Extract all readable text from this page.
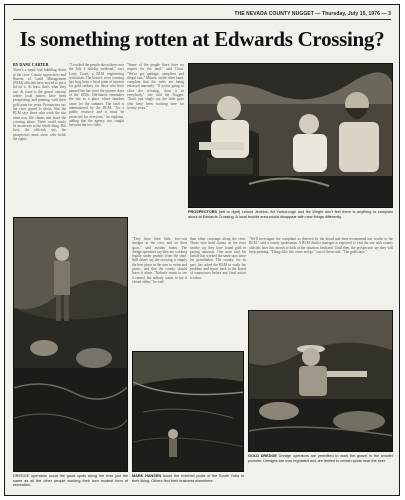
THE NEVADA COUNTY NUGGET — Thursday, July 15, 1976 — 3
Is something rotten at Edwards Crossing?
BY DANE CARTER
There's a small foul bubbling down at the river. County supervisors and Bureau of Land Management (BLM) officials have vowed to put a lid on it. At least, that's what they say. At issue is the gravel outcrop where local miners have been prospecting and panning with their gold pans for years. Prospectors say the river gravel is theirs. But the BLM says those who work the site must now file claims and leave the crossing alone. There could easily be an answer to the whole thing. But first, the officials say, the prospectors must show who holds the rights.
"I cracked the people down there over the July 4 holiday weekend," says Larry Coast, a BLM engineering technician. The historic river crossing has long been a local point of interest for gold seekers, for those who have panned the bar since the pioneer days of the 1850s. Old-timers remember the site as a place where families came for the summer. The land is administered by the BLM. "It's a public resource and it must be protected for everyone," he explains, adding that the agency was caught between the two sides.
"Some of the people there have no respect for the land," said Coast. "We've got garbage, campfires and illegal cuts." Miners, on the other hand, complain that the rules are being enforced unevenly. "If you're going to close the crossing, close it to everybody," one told the Nugget. "Don't just single out the little guys who have been working here for twenty years."
PROSPECTORS (left to right) Leland Jenkins, Art Yarborough and Ike Wright don't feel there is anything to complain about at Edwards Crossing. A local trouble area would disappear with new things differently.
DREDGE operators scout the good spots along the river just the same as all the other people working their own modest form of recreation.
"They have their little, low-cost dredges at the river and on their spots," said another miner. The dredge operators say they are working legally under permits from the state. Still others say the crossing is simply the best place in the area to swim and picnic, and that the county should leave it alone. "Nobody wants to see it ruined, but nobody wants to see it closed either," he said.
than other crossings along the river. Those who hold claims on the river nearby say they have found gold in paying amounts. One man said his family has worked the same spot since his grandfather. The county, for its part, has asked the BLM to study the problem and report back to the board of supervisors before any final action is taken.
"We'll investigate the complaint as directed by the board and then recommend our results to the BLM," said a county spokesman. A BLM district manager is expected to visit the site with county officials later this month to look at the situation firsthand. Until then, the prospectors say they will keep panning. "Things like this come and go," one of them said. "The gold stays."
MARK HANSEN found the riverbed pools of the South Yuba to their liking. Others find their business elsewhere.
GOLD DREDGE Dredge operators are permitted to work the gravel in the smaller pockets. Dredges are now regulated and are limited to certain spots near the river.
